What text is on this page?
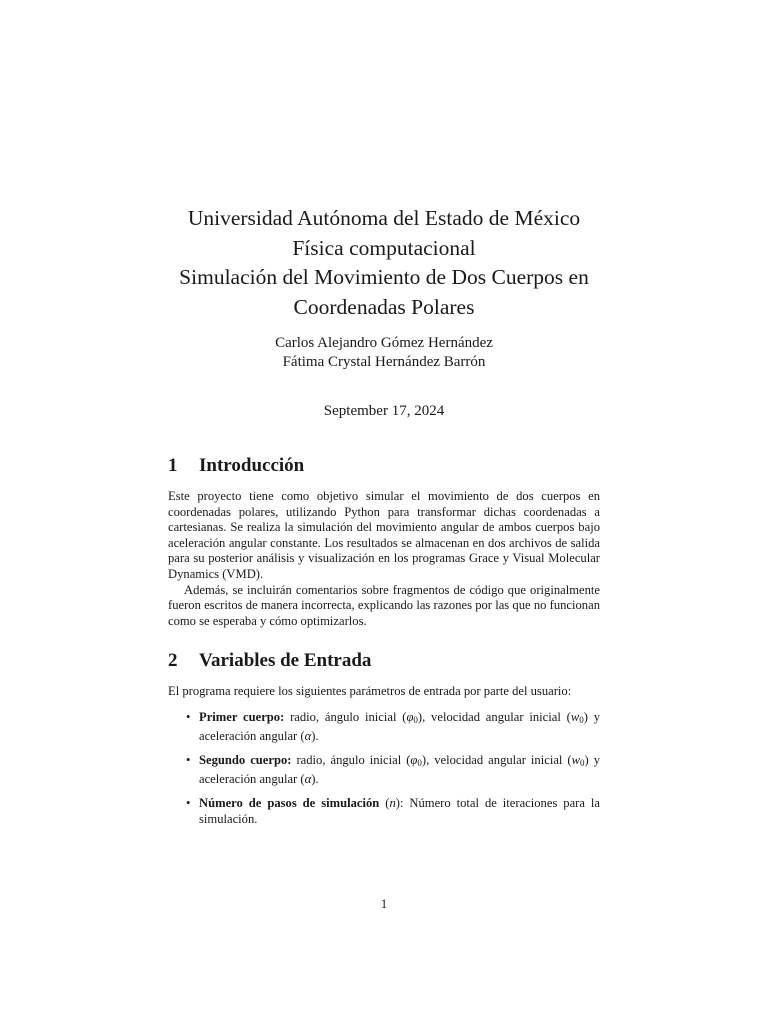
Universidad Autónoma del Estado de México
Física computacional
Simulación del Movimiento de Dos Cuerpos en
Coordenadas Polares
Carlos Alejandro Gómez Hernández
Fátima Crystal Hernández Barrón
September 17, 2024
1 Introducción

Este proyecto tiene como objetivo simular el movimiento de dos cuerpos en coordenadas polares, utilizando Python para transformar dichas coordenadas a cartesianas. Se realiza la simulación del movimiento angular de ambos cuerpos bajo aceleración angular constante. Los resultados se almacenan en dos archivos de salida para su posterior análisis y visualización en los programas Grace y Visual Molecular Dynamics (VMD).

Además, se incluirán comentarios sobre fragmentos de código que originalmente fueron escritos de manera incorrecta, explicando las razones por las que no funcionan como se esperaba y cómo optimizarlos.

2 Variables de Entrada

El programa requiere los siguientes parámetros de entrada por parte del usuario:

• Primer cuerpo: radio, ángulo inicial $(\varphi_0)$, velocidad angular inicial $(w_0)$ y aceleración angular (α).
• Segundo cuerpo: radio, ángulo inicial $(\varphi_0)$, velocidad angular inicial $(w_0)$ y aceleración angular (α).
• Número de pasos de simulación (n): Número total de iteraciones para la simulación.
1
